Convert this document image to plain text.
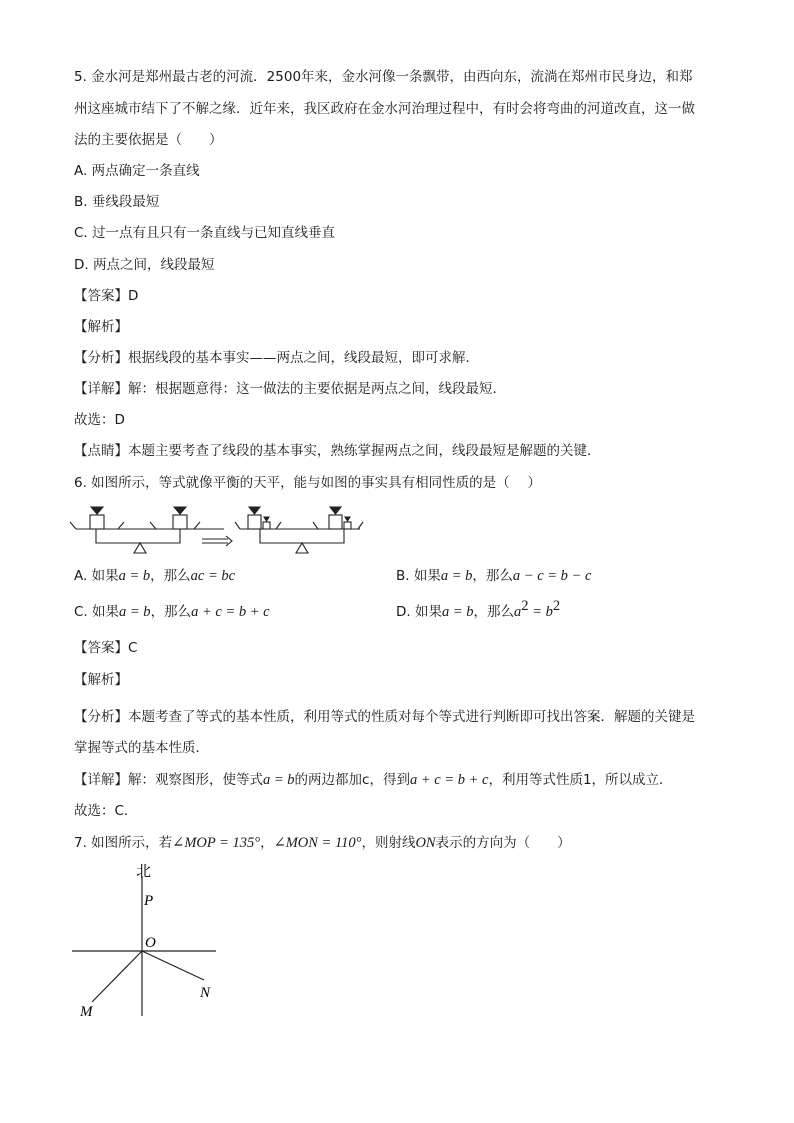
5. 金水河是郑州最古老的河流．2500年来，金水河像一条飘带，由西向东，流淌在郑州市民身边，和郑
州这座城市结下了不解之缘．近年来，我区政府在金水河治理过程中，有时会将弯曲的河道改直，这一做
法的主要依据是（　　）
A. 两点确定一条直线
B. 垂线段最短
C. 过一点有且只有一条直线与已知直线垂直
D. 两点之间，线段最短
【答案】D
【解析】
【分析】根据线段的基本事实——两点之间，线段最短，即可求解．
【详解】解：根据题意得：这一做法的主要依据是两点之间，线段最短．
故选：D
【点睛】本题主要考查了线段的基本事实，熟练掌握两点之间，线段最短是解题的关键．
6. 如图所示，等式就像平衡的天平，能与如图的事实具有相同性质的是（　 ）
A. 如果a = b，那么ac = bc	B. 如果a = b，那么a − c = b − c
C. 如果a = b，那么a + c = b + c	D. 如果a = b，那么$a^2 = b^2$
【答案】C
【解析】
【分析】本题考查了等式的基本性质，利用等式的性质对每个等式进行判断即可找出答案．解题的关键是
掌握等式的基本性质．
【详解】解：观察图形，使等式a = b的两边都加c，得到a + c = b + c，利用等式性质1，所以成立．
故选：C．
7. 如图所示，若∠MOP = 135°，∠MON = 110°，则射线ON表示的方向为（　　）
北
P
O
M
N
